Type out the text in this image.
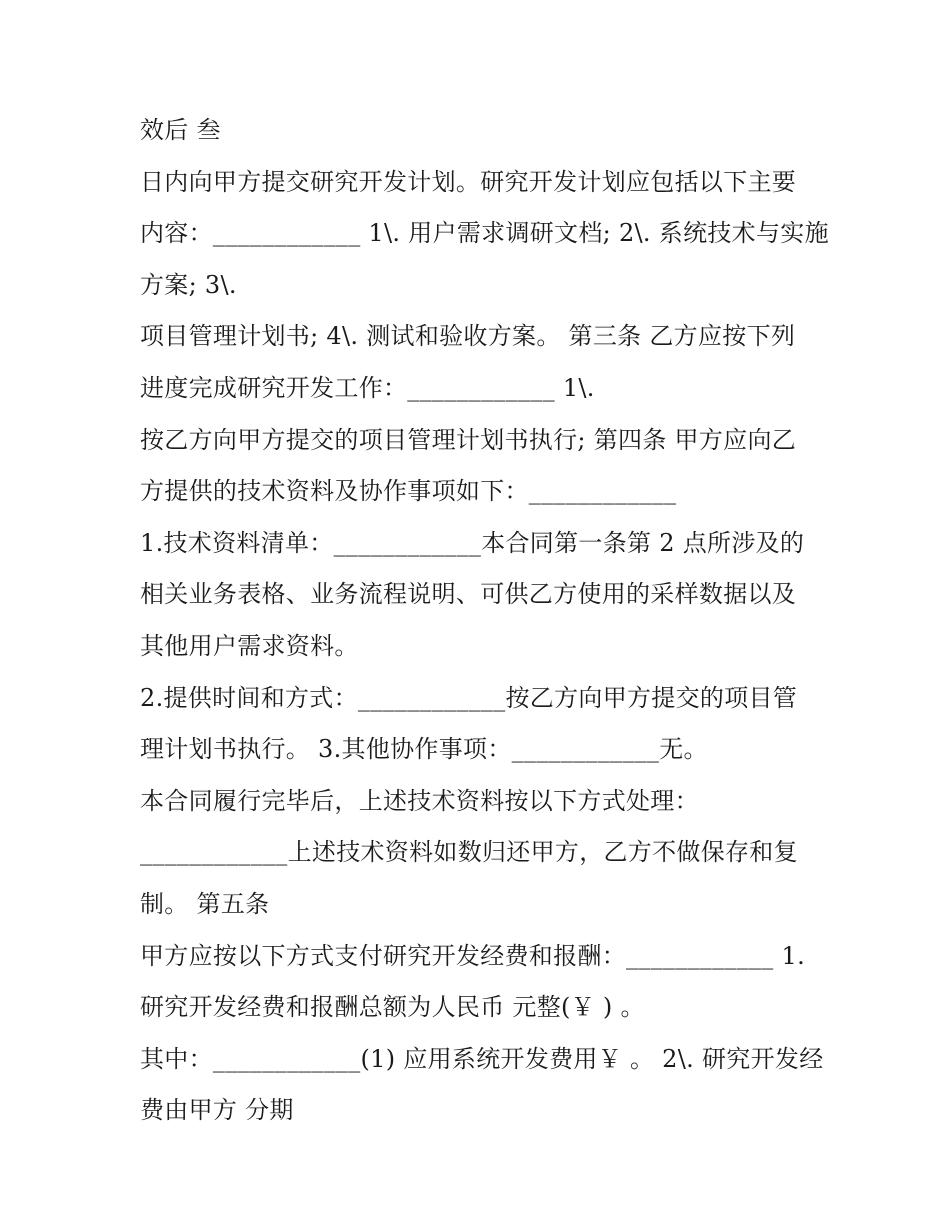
效后 叁
日内向甲方提交研究开发计划。研究开发计划应包括以下主要
内容：____________ 1\. 用户需求调研文档; 2\. 系统技术与实施
方案; 3\.
项目管理计划书; 4\. 测试和验收方案。 第三条 乙方应按下列
进度完成研究开发工作：____________ 1\.
按乙方向甲方提交的项目管理计划书执行; 第四条 甲方应向乙
方提供的技术资料及协作事项如下：____________
1.技术资料清单：____________本合同第一条第 2 点所涉及的
相关业务表格、业务流程说明、可供乙方使用的采样数据以及
其他用户需求资料。
2.提供时间和方式：____________按乙方向甲方提交的项目管
理计划书执行。 3.其他协作事项：____________无。
本合同履行完毕后，上述技术资料按以下方式处理：
____________上述技术资料如数归还甲方，乙方不做保存和复
制。 第五条
甲方应按以下方式支付研究开发经费和报酬：____________ 1.
研究开发经费和报酬总额为人民币 元整(￥ ) 。
其中：____________(1) 应用系统开发费用￥ 。 2\. 研究开发经
费由甲方 分期
